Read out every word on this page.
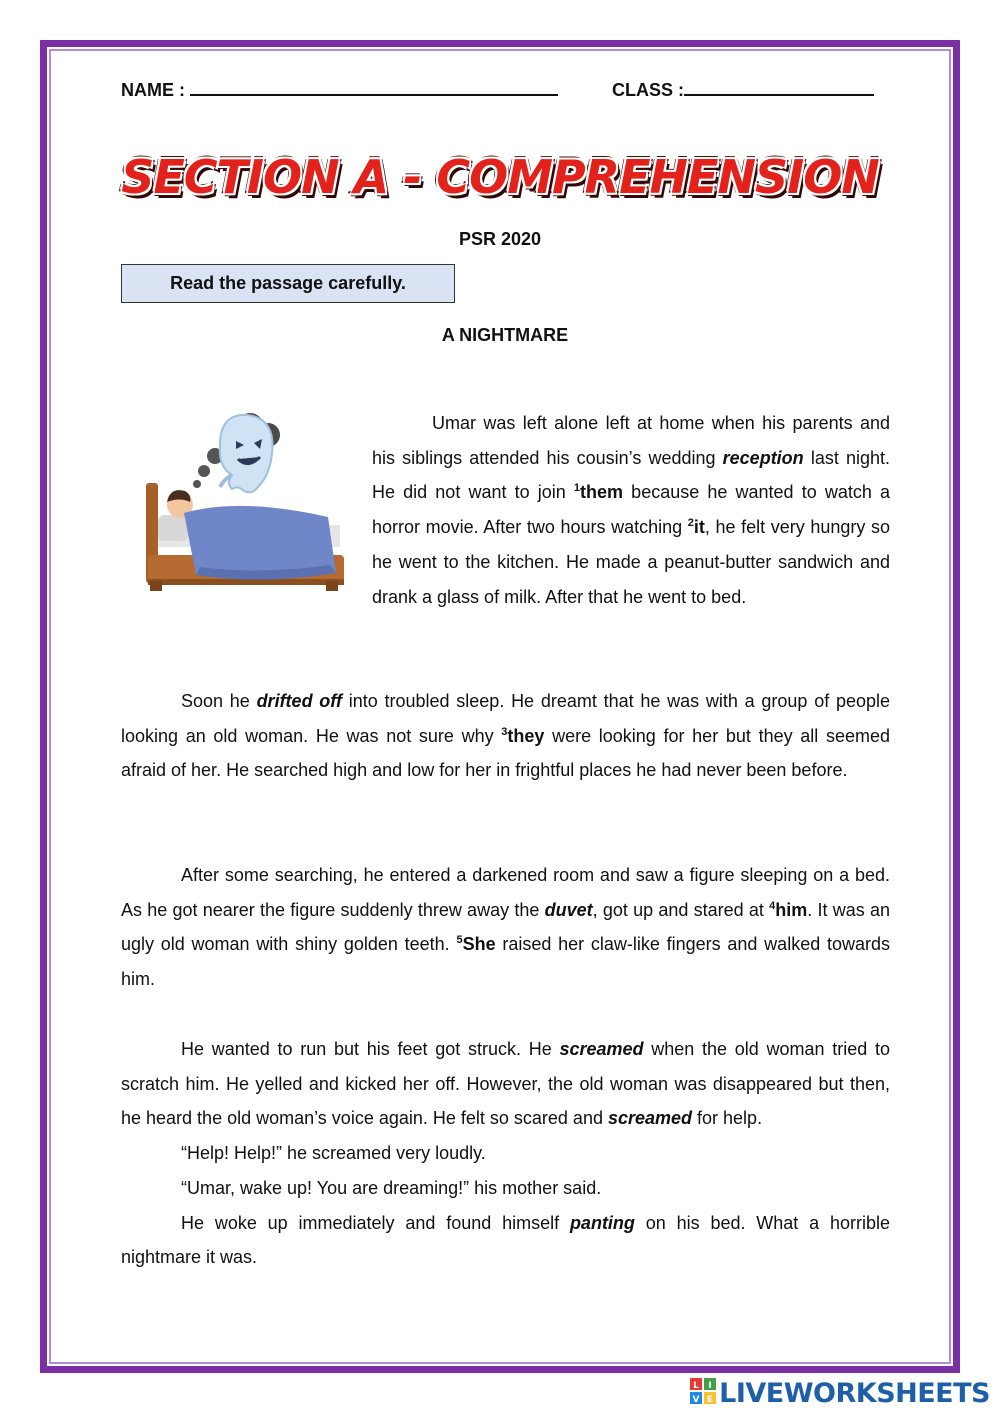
NAME :	CLASS :
SECTION A - COMPREHENSION
PSR 2020
Read the passage carefully.
A NIGHTMARE
Umar was left alone left at home when his parents and his siblings attended his cousin’s wedding reception last night. He did not want to join $^1$them because he wanted to watch a horror movie. After two hours watching $^2$it, he felt very hungry so he went to the kitchen. He made a peanut-butter sandwich and drank a glass of milk. After that he went to bed.
Soon he drifted off into troubled sleep. He dreamt that he was with a group of people looking an old woman. He was not sure why $^3$they were looking for her but they all seemed afraid of her. He searched high and low for her in frightful places he had never been before.
After some searching, he entered a darkened room and saw a figure sleeping on a bed. As he got nearer the figure suddenly threw away the duvet, got up and stared at $^4$him. It was an ugly old woman with shiny golden teeth. $^5$She raised her claw-like fingers and walked towards him.
He wanted to run but his feet got struck. He screamed when the old woman tried to scratch him. He yelled and kicked her off. However, the old woman was disappeared but then, he heard the old woman’s voice again. He felt so scared and screamed for help.
“Help! Help!” he screamed very loudly.
“Umar, wake up! You are dreaming!” his mother said.
He woke up immediately and found himself panting on his bed. What a horrible nightmare it was.
L I
V E LIVEWORKSHEETS
